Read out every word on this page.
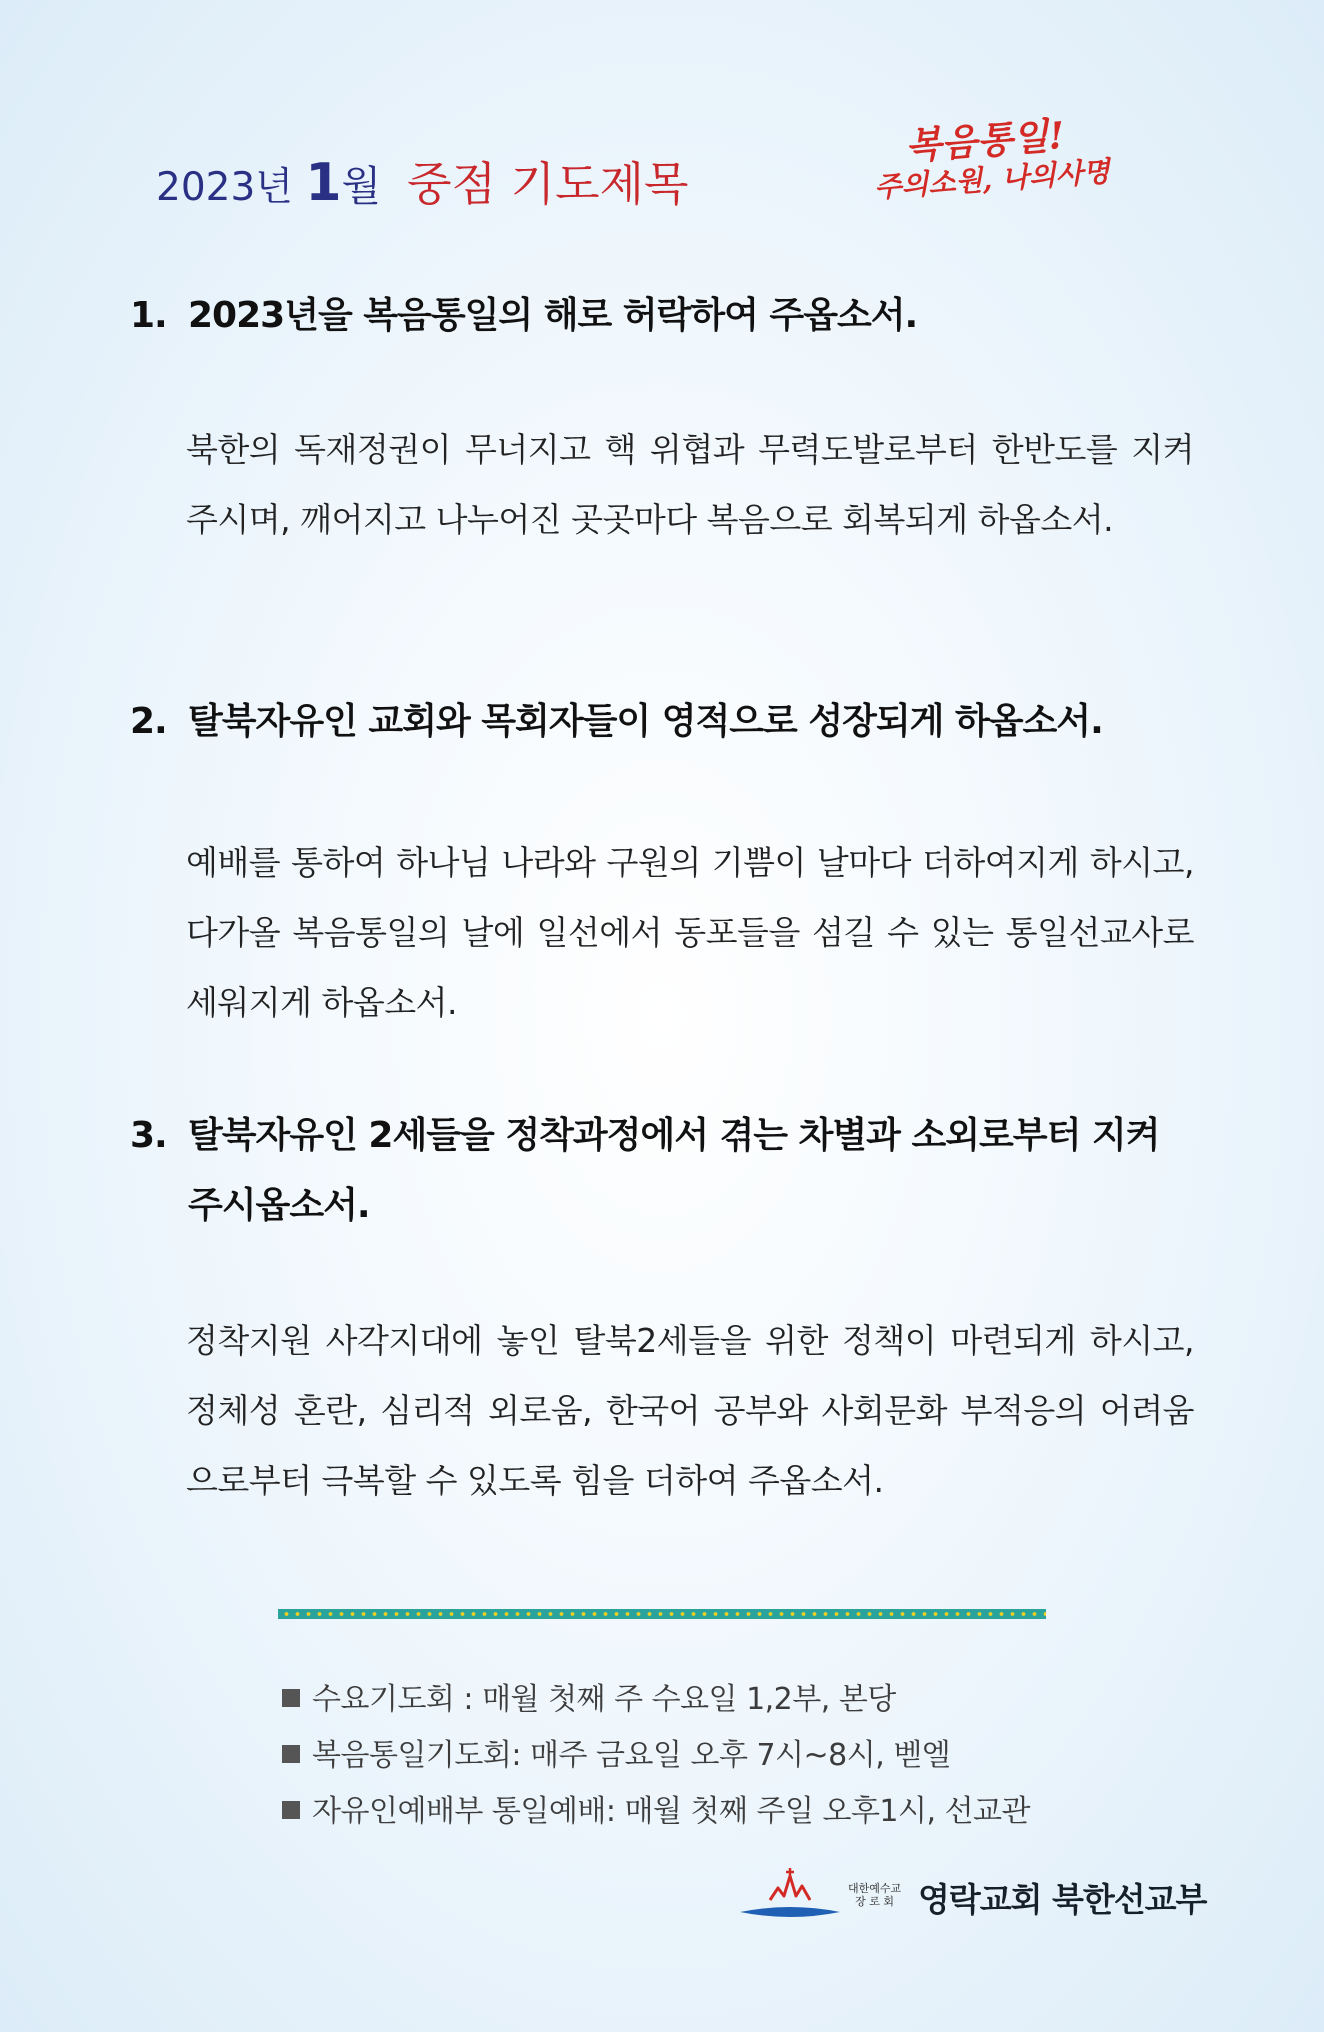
2023년 1월 중점 기도제목
복음통일!
주의소원, 나의사명
1. 2023년을 복음통일의 해로 허락하여 주옵소서.
북한의 독재정권이 무너지고 핵 위협과 무력도발로부터 한반도를 지켜 주시며, 깨어지고 나누어진 곳곳마다 복음으로 회복되게 하옵소서.
2. 탈북자유인 교회와 목회자들이 영적으로 성장되게 하옵소서.
예배를 통하여 하나님 나라와 구원의 기쁨이 날마다 더하여지게 하시고, 다가올 복음통일의 날에 일선에서 동포들을 섬길 수 있는 통일선교사로 세워지게 하옵소서.
3. 탈북자유인 2세들을 정착과정에서 겪는 차별과 소외로부터 지켜
주시옵소서.
정착지원 사각지대에 놓인 탈북2세들을 위한 정책이 마련되게 하시고, 정체성 혼란, 심리적 외로움, 한국어 공부와 사회문화 부적응의 어려움으로부터 극복할 수 있도록 힘을 더하여 주옵소서.
수요기도회 : 매월 첫째 주 수요일 1,2부, 본당
복음통일기도회: 매주 금요일 오후 7시~8시, 벧엘
자유인예배부 통일예배: 매월 첫째 주일 오후1시, 선교관
대한예수교
장 로 회 영락교회 북한선교부
